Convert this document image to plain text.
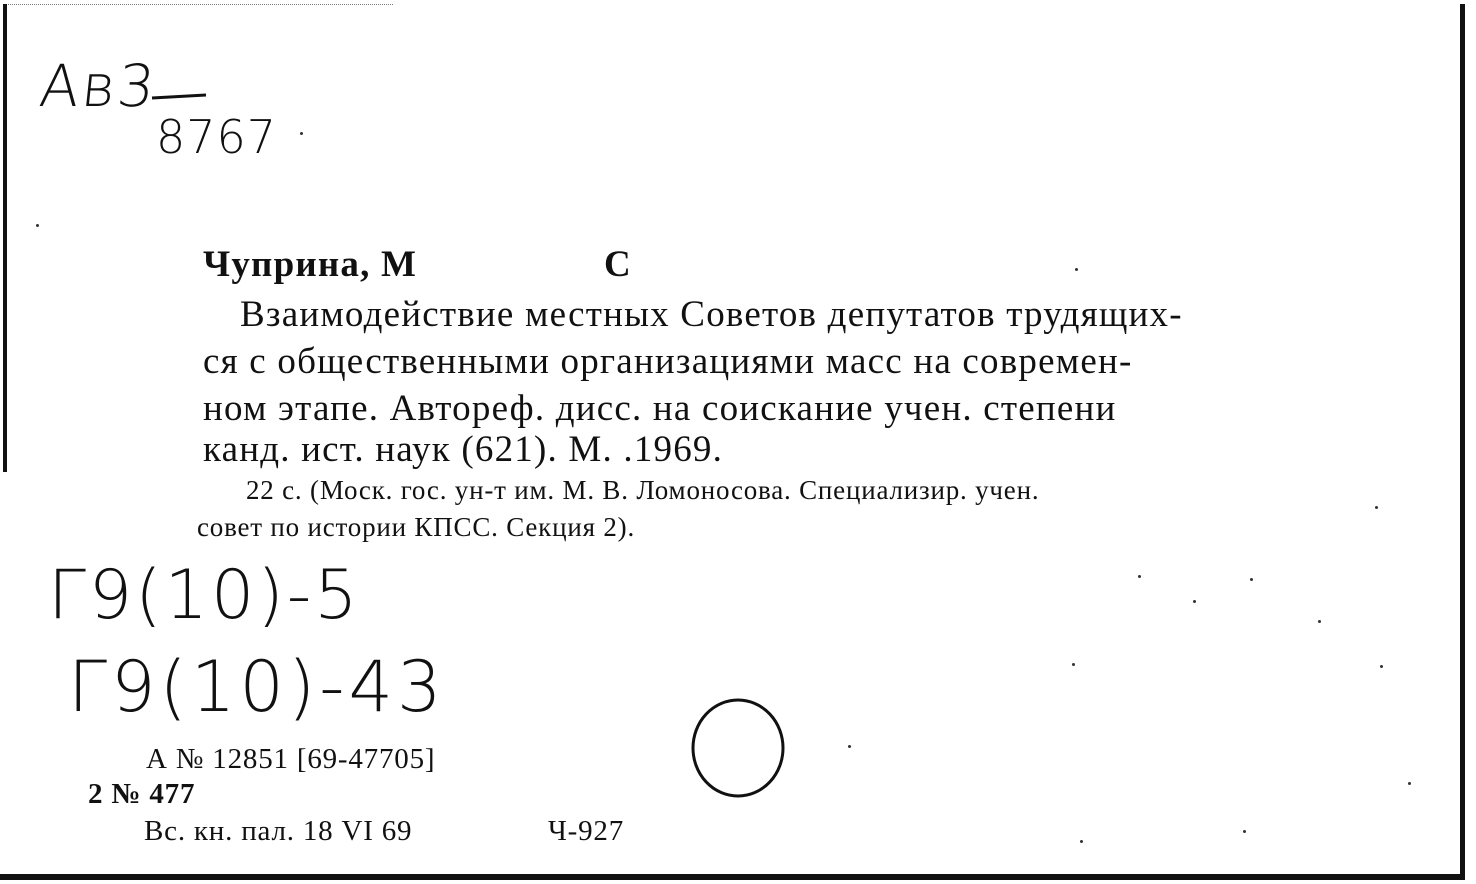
Ав3
8767
Чуприна, М	С
Взаимодействие местных Советов депутатов трудящих-
ся с общественными организациями масс на современ-
ном этапе. Автореф. дисс. на соискание учен. степени
канд. ист. наук (621). М. .1969.
22 с. (Моск. гос. ун-т им. М. В. Ломоносова. Специализир. учен.
совет по истории КПСС. Секция 2).
Г9(10)-5
Г9(10)-43
А № 12851 [69-47705]
2 № 477
Вс. кн. пал. 18 VI 69	Ч-927
